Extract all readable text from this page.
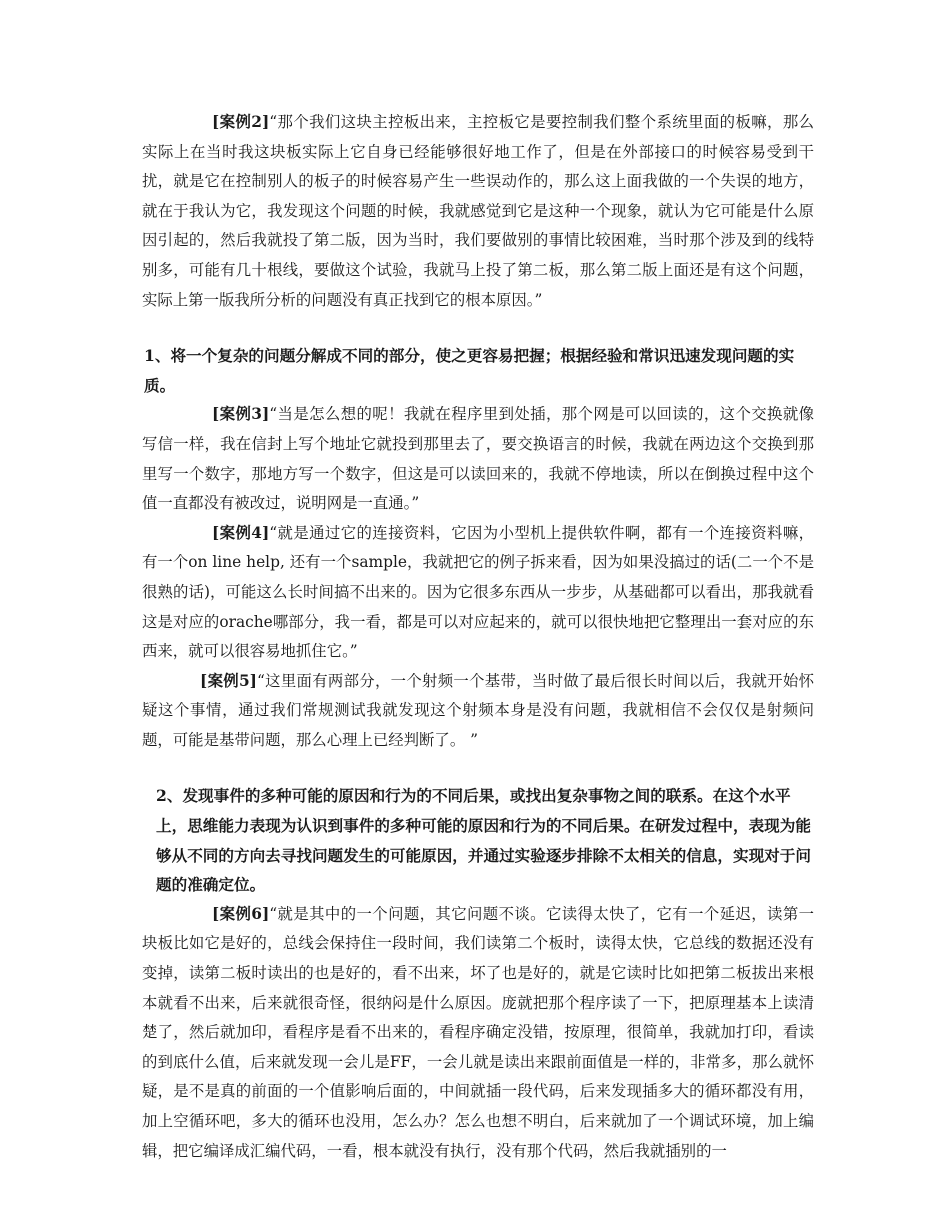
[案例2]“那个我们这块主控板出来，主控板它是要控制我们整个系统里面的板嘛，那么实际上在当时我这块板实际上它自身已经能够很好地工作了，但是在外部接口的时候容易受到干扰，就是它在控制别人的板子的时候容易产生一些误动作的，那么这上面我做的一个失误的地方，就在于我认为它，我发现这个问题的时候，我就感觉到它是这种一个现象，就认为它可能是什么原因引起的，然后我就投了第二版，因为当时，我们要做别的事情比较困难，当时那个涉及到的线特别多，可能有几十根线，要做这个试验，我就马上投了第二板，那么第二版上面还是有这个问题，实际上第一版我所分析的问题没有真正找到它的根本原因。”

1、将一个复杂的问题分解成不同的部分，使之更容易把握；根据经验和常识迅速发现问题的实质。

[案例3]“当是怎么想的呢！我就在程序里到处插，那个网是可以回读的，这个交换就像写信一样，我在信封上写个地址它就投到那里去了，要交换语言的时候，我就在两边这个交换到那里写一个数字，那地方写一个数字，但这是可以读回来的，我就不停地读，所以在倒换过程中这个值一直都没有被改过，说明网是一直通。”

[案例4]“就是通过它的连接资料，它因为小型机上提供软件啊，都有一个连接资料嘛，有一个on line help, 还有一个sample，我就把它的例子拆来看，因为如果没搞过的话(二一个不是很熟的话)，可能这么长时间搞不出来的。因为它很多东西从一步步，从基础都可以看出，那我就看这是对应的orache哪部分，我一看，都是可以对应起来的，就可以很快地把它整理出一套对应的东西来，就可以很容易地抓住它。”

[案例5]“这里面有两部分，一个射频一个基带，当时做了最后很长时间以后，我就开始怀疑这个事情，通过我们常规测试我就发现这个射频本身是没有问题，我就相信不会仅仅是射频问题，可能是基带问题，那么心理上已经判断了。 ”

2、发现事件的多种可能的原因和行为的不同后果，或找出复杂事物之间的联系。在这个水平上，思维能力表现为认识到事件的多种可能的原因和行为的不同后果。在研发过程中，表现为能够从不同的方向去寻找问题发生的可能原因，并通过实验逐步排除不太相关的信息，实现对于问题的准确定位。

[案例6]“就是其中的一个问题，其它问题不谈。它读得太快了，它有一个延迟，读第一块板比如它是好的，总线会保持住一段时间，我们读第二个板时，读得太快，它总线的数据还没有变掉，读第二板时读出的也是好的，看不出来，坏了也是好的，就是它读时比如把第二板拔出来根本就看不出来，后来就很奇怪，很纳闷是什么原因。庞就把那个程序读了一下，把原理基本上读清楚了，然后就加印，看程序是看不出来的，看程序确定没错，按原理，很简单，我就加打印，看读的到底什么值，后来就发现一会儿是FF，一会儿就是读出来跟前面值是一样的，非常多，那么就怀疑，是不是真的前面的一个值影响后面的，中间就插一段代码，后来发现插多大的循环都没有用，加上空循环吧，多大的循环也没用，怎么办？怎么也想不明白，后来就加了一个调试环境，加上编辑，把它编译成汇编代码，一看，根本就没有执行，没有那个代码，然后我就插别的一
